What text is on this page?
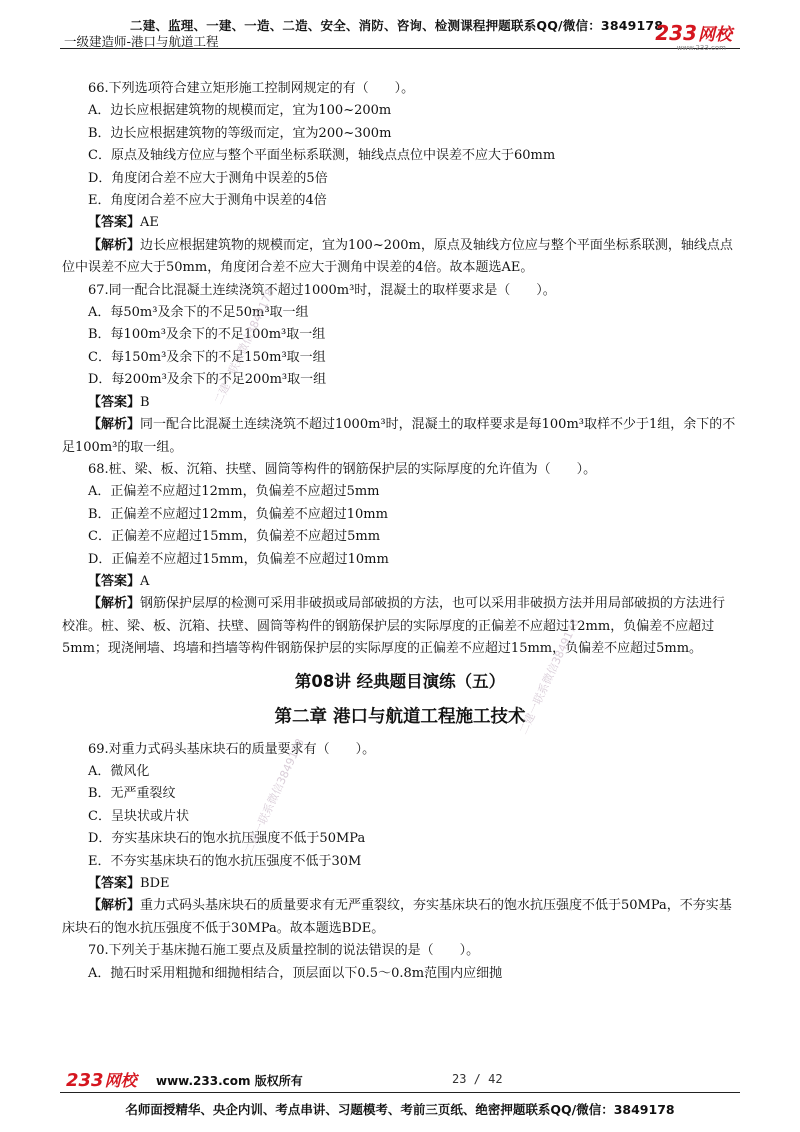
二建、监理、一建、一造、二造、安全、消防、咨询、检测课程押题联系QQ/微信：3849178
一级建造师-港口与航道工程	233 网校
www.233.com

66.下列选项符合建立矩形施工控制网规定的有（　　）。

A．边长应根据建筑物的规模而定，宜为100~200m

B．边长应根据建筑物的等级而定，宜为200~300m

C．原点及轴线方位应与整个平面坐标系联测，轴线点点位中误差不应大于60mm

D．角度闭合差不应大于测角中误差的5倍

E．角度闭合差不应大于测角中误差的4倍

【答案】AE

【解析】边长应根据建筑物的规模而定，宜为100~200m，原点及轴线方位应与整个平面坐标系联测，轴线点点位中误差不应大于50mm，角度闭合差不应大于测角中误差的4倍。故本题选AE。

67.同一配合比混凝土连续浇筑不超过1000m³时，混凝土的取样要求是（　　）。

A．每50m³及余下的不足50m³取一组

B．每100m³及余下的不足100m³取一组

C．每150m³及余下的不足150m³取一组

D．每200m³及余下的不足200m³取一组

【答案】B

【解析】同一配合比混凝土连续浇筑不超过1000m³时，混凝土的取样要求是每100m³取样不少于1组，余下的不足100m³的取一组。

68.桩、梁、板、沉箱、扶壁、圆筒等构件的钢筋保护层的实际厚度的允许值为（　　）。

A．正偏差不应超过12mm，负偏差不应超过5mm

B．正偏差不应超过12mm，负偏差不应超过10mm

C．正偏差不应超过15mm，负偏差不应超过5mm

D．正偏差不应超过15mm，负偏差不应超过10mm

【答案】A

【解析】钢筋保护层厚的检测可采用非破损或局部破损的方法，也可以采用非破损方法并用局部破损的方法进行校准。桩、梁、板、沉箱、扶壁、圆筒等构件的钢筋保护层的实际厚度的正偏差不应超过12mm，负偏差不应超过5mm；现浇闸墙、坞墙和挡墙等构件钢筋保护层的实际厚度的正偏差不应超过15mm，负偏差不应超过5mm。

第08讲 经典题目演练（五）
第二章 港口与航道工程施工技术

69.对重力式码头基床块石的质量要求有（　　）。

A．微风化

B．无严重裂纹

C．呈块状或片状

D．夯实基床块石的饱水抗压强度不低于50MPa

E．不夯实基床块石的饱水抗压强度不低于30M

【答案】BDE

【解析】重力式码头基床块石的质量要求有无严重裂纹，夯实基床块石的饱水抗压强度不低于50MPa，不夯实基床块石的饱水抗压强度不低于30MPa。故本题选BDE。

70.下列关于基床抛石施工要点及质量控制的说法错误的是（　　）。

A．抛石时采用粗抛和细抛相结合，顶层面以下0.5～0.8m范围内应细抛

二建一联系微信3849178
二建一联系微信3849178
二建一联系微信3849178
233 网校 www.233.com 版权所有	23 / 42
名师面授精华、央企内训、考点串讲、习题模考、考前三页纸、绝密押题联系QQ/微信：3849178
